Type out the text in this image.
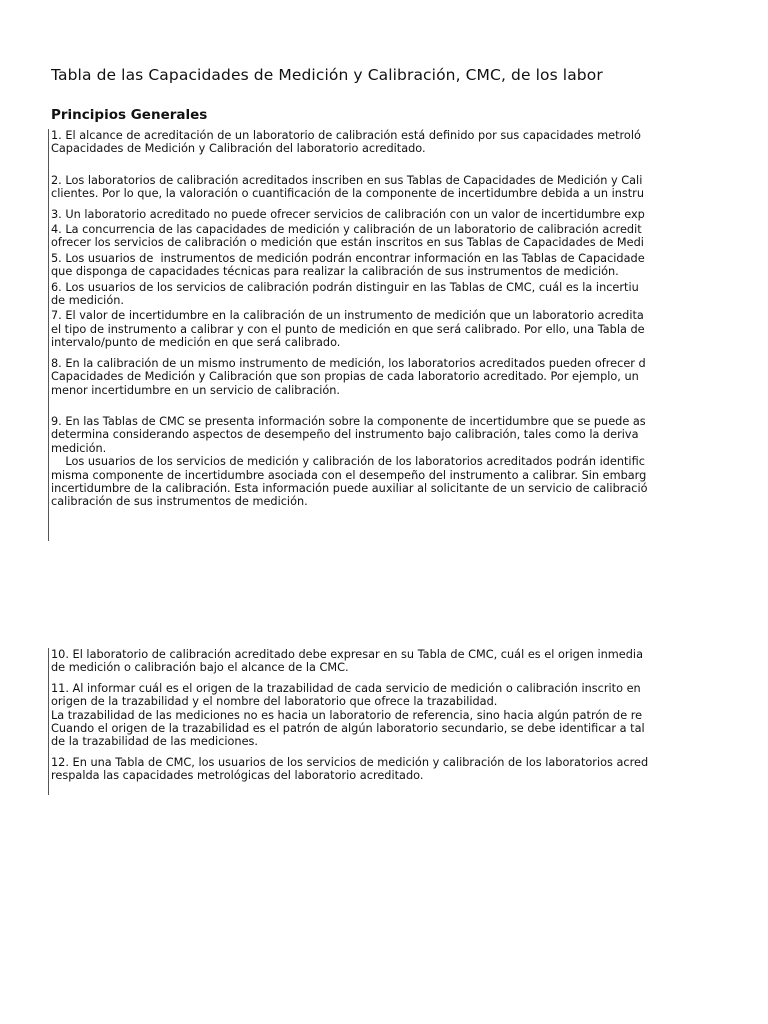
Tabla de las Capacidades de Medición y Calibración, CMC, de los labor
Principios Generales
1. El alcance de acreditación de un laboratorio de calibración está definido por sus capacidades metroló
Capacidades de Medición y Calibración del laboratorio acreditado.
2. Los laboratorios de calibración acreditados inscriben en sus Tablas de Capacidades de Medición y Cali
clientes. Por lo que, la valoración o cuantificación de la componente de incertidumbre debida a un instru
3. Un laboratorio acreditado no puede ofrecer servicios de calibración con un valor de incertidumbre exp
4. La concurrencia de las capacidades de medición y calibración de un laboratorio de calibración acredit
ofrecer los servicios de calibración o medición que están inscritos en sus Tablas de Capacidades de Medi
5. Los usuarios de  instrumentos de medición podrán encontrar información en las Tablas de Capacidade
que disponga de capacidades técnicas para realizar la calibración de sus instrumentos de medición.
6. Los usuarios de los servicios de calibración podrán distinguir en las Tablas de CMC, cuál es la incertiu
de medición.
7. El valor de incertidumbre en la calibración de un instrumento de medición que un laboratorio acredita
el tipo de instrumento a calibrar y con el punto de medición en que será calibrado. Por ello, una Tabla de
intervalo/punto de medición en que será calibrado.
8. En la calibración de un mismo instrumento de medición, los laboratorios acreditados pueden ofrecer d
Capacidades de Medición y Calibración que son propias de cada laboratorio acreditado. Por ejemplo, un
menor incertidumbre en un servicio de calibración.
9. En las Tablas de CMC se presenta información sobre la componente de incertidumbre que se puede as
determina considerando aspectos de desempeño del instrumento bajo calibración, tales como la deriva
medición.
Los usuarios de los servicios de medición y calibración de los laboratorios acreditados podrán identific
misma componente de incertidumbre asociada con el desempeño del instrumento a calibrar. Sin embarg
incertidumbre de la calibración. Esta información puede auxiliar al solicitante de un servicio de calibració
calibración de sus instrumentos de medición.
10. El laboratorio de calibración acreditado debe expresar en su Tabla de CMC, cuál es el origen inmedia
de medición o calibración bajo el alcance de la CMC.
11. Al informar cuál es el origen de la trazabilidad de cada servicio de medición o calibración inscrito en
origen de la trazabilidad y el nombre del laboratorio que ofrece la trazabilidad.
La trazabilidad de las mediciones no es hacia un laboratorio de referencia, sino hacia algún patrón de re
Cuando el origen de la trazabilidad es el patrón de algún laboratorio secundario, se debe identificar a tal
de la trazabilidad de las mediciones.
12. En una Tabla de CMC, los usuarios de los servicios de medición y calibración de los laboratorios acred
respalda las capacidades metrológicas del laboratorio acreditado.
